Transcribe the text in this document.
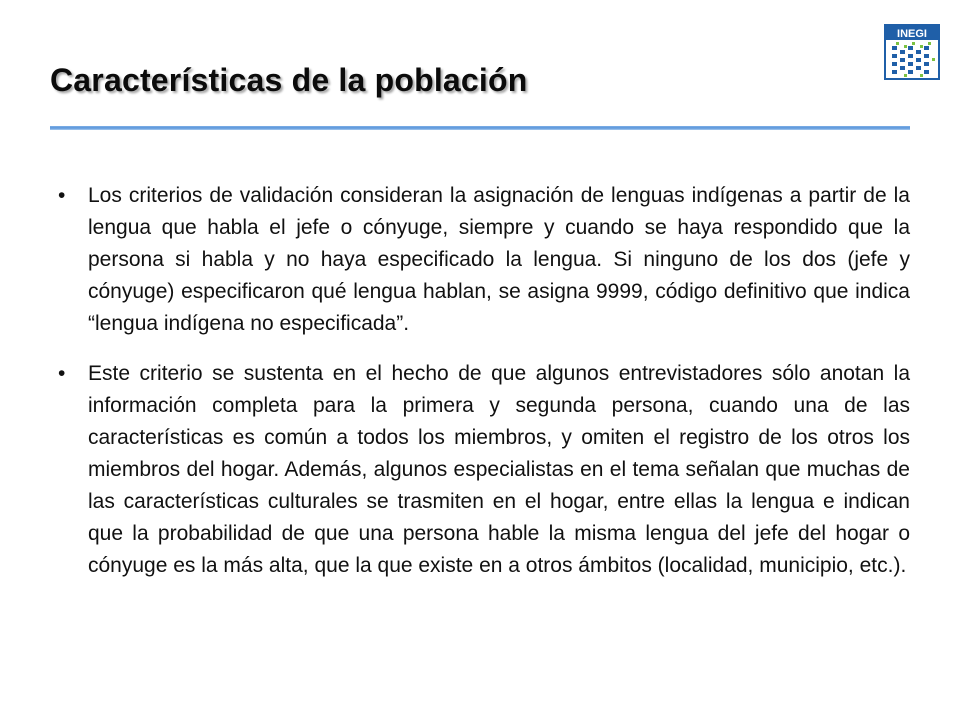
Características de la población
INEGI
•	Los criterios de validación consideran la asignación de lenguas indígenas a partir de la lengua que habla el jefe o cónyuge, siempre y cuando se haya respondido que la persona si habla y no haya especificado la lengua. Si ninguno de los dos (jefe y cónyuge) especificaron qué lengua hablan, se asigna 9999, código definitivo que indica “lengua indígena no especificada”.
•	Este criterio se sustenta en el hecho de que algunos entrevistadores sólo anotan la información completa para la primera y segunda persona, cuando una de las características es común a todos los miembros, y omiten el registro de los otros los miembros del hogar. Además, algunos especialistas en el tema señalan que muchas de las características culturales se trasmiten en el hogar, entre ellas la lengua e indican que la probabilidad de que una persona hable la misma lengua del jefe del hogar o cónyuge es la más alta, que la que existe en a otros ámbitos (localidad, municipio, etc.).
